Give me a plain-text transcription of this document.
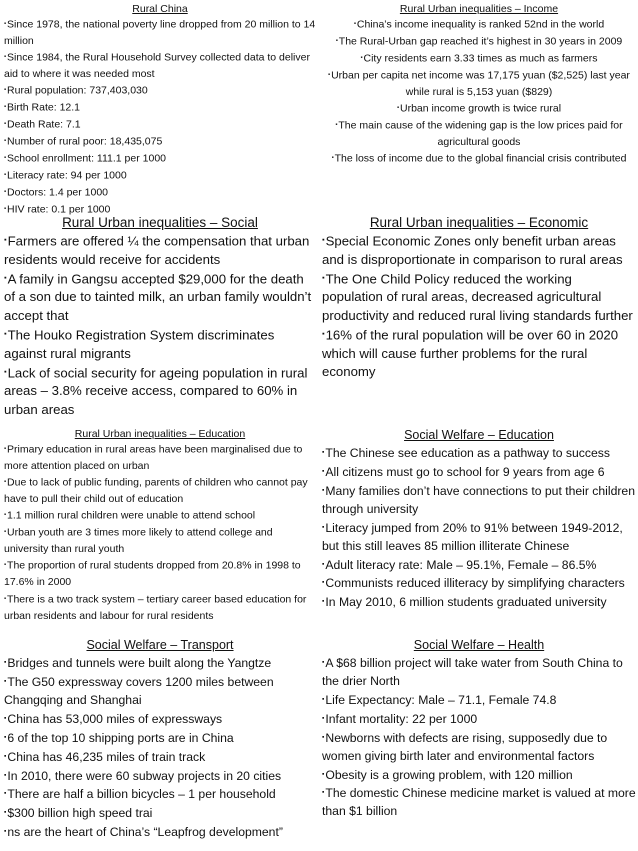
Rural China
▪Since 1978, the national poverty line dropped from 20 million to 14 million
▪Since 1984, the Rural Household Survey collected data to deliver aid to where it was needed most
▪Rural population: 737,403,030
▪Birth Rate: 12.1
▪Death Rate: 7.1
▪Number of rural poor: 18,435,075
▪School enrollment: 111.1 per 1000
▪Literacy rate: 94 per 1000
▪Doctors: 1.4 per 1000
▪HIV rate: 0.1 per 1000
Rural Urban inequalities – Income
▪China’s income inequality is ranked 52nd in the world
▪The Rural-Urban gap reached it’s highest in 30 years in 2009
▪City residents earn 3.33 times as much as farmers
▪Urban per capita net income was 17,175 yuan ($2,525) last year while rural is 5,153 yuan ($829)
▪Urban income growth is twice rural
▪The main cause of the widening gap is the low prices paid for agricultural goods
▪The loss of income due to the global financial crisis contributed
Rural Urban inequalities – Social
▪Farmers are offered ¼ the compensation that urban residents would receive for accidents
▪A family in Gangsu accepted $29,000 for the death of a son due to tainted milk, an urban family wouldn’t accept that
▪The Houko Registration System discriminates against rural migrants
▪Lack of social security for ageing population in rural areas – 3.8% receive access, compared to 60% in urban areas
Rural Urban inequalities – Economic
▪Special Economic Zones only benefit urban areas and is disproportionate in comparison to rural areas
▪The One Child Policy reduced the working population of rural areas, decreased agricultural productivity and reduced rural living standards further
▪16% of the rural population will be over 60 in 2020 which will cause further problems for the rural economy
Rural Urban inequalities – Education
▪Primary education in rural areas have been marginalised due to more attention placed on urban
▪Due to lack of public funding, parents of children who cannot pay have to pull their child out of education
▪1.1 million rural children were unable to attend school
▪Urban youth are 3 times more likely to attend college and university than rural youth
▪The proportion of rural students dropped from 20.8% in 1998 to 17.6% in 2000
▪There is a two track system – tertiary career based education for urban residents and labour for rural residents
Social Welfare – Education
▪The Chinese see education as a pathway to success
▪All citizens must go to school for 9 years from age 6
▪Many families don’t have connections to put their children through university
▪Literacy jumped from 20% to 91% between 1949-2012, but this still leaves 85 million illiterate Chinese
▪Adult literacy rate: Male – 95.1%, Female – 86.5%
▪Communists reduced illiteracy by simplifying characters
▪In May 2010, 6 million students graduated university
Social Welfare – Transport
▪Bridges and tunnels were built along the Yangtze
▪The G50 expressway covers 1200 miles between Changqing and Shanghai
▪China has 53,000 miles of expressways
▪6 of the top 10 shipping ports are in China
▪China has 46,235 miles of train track
▪In 2010, there were 60 subway projects in 20 cities
▪There are half a billion bicycles – 1 per household
▪$300 billion high speed trai
▪ns are the heart of China’s “Leapfrog development”
Social Welfare – Health
▪A $68 billion project will take water from South China to the drier North
▪Life Expectancy: Male – 71.1, Female 74.8
▪Infant mortality: 22 per 1000
▪Newborns with defects are rising, supposedly due to women giving birth later and environmental factors
▪Obesity is a growing problem, with 120 million
▪The domestic Chinese medicine market is valued at more than $1 billion
